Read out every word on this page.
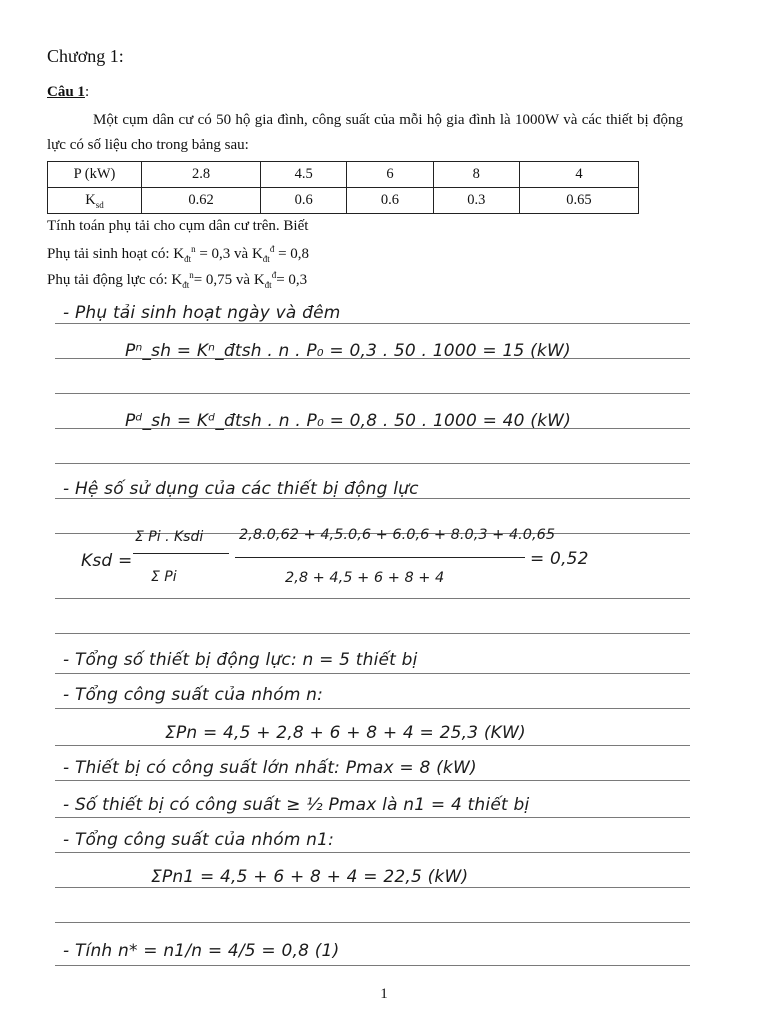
Chương 1:
Câu 1:
Một cụm dân cư có 50 hộ gia đình, công suất của mỗi hộ gia đình là 1000W và các thiết bị động lực có số liệu cho trong bảng sau:
P (kW)	2.8	4.5	6	8	4
$K_{sd}$	0.62	0.6	0.6	0.3	0.65
Tính toán phụ tải cho cụm dân cư trên. Biết
Phụ tải sinh hoạt có: $K_{đt}^n = 0,3$ và $K_{đt}^đ = 0,8$
Phụ tải động lực có: $K_{đt}^n= 0,75$ và $K_{đt}^đ= 0,3$
- Phụ tải sinh hoạt ngày và đêm
Pⁿ_sh = Kⁿ_đtsh . n . P₀ = 0,3 . 50 . 1000 = 15 (kW)
Pᵈ_sh = Kᵈ_đtsh . n . P₀ = 0,8 . 50 . 1000 = 40 (kW)
- Hệ số sử dụng của các thiết bị động lực
Ksd =
Σ Pi . Ksdi
Σ Pi
2,8.0,62 + 4,5.0,6 + 6.0,6 + 8.0,3 + 4.0,65
2,8 + 4,5 + 6 + 8 + 4
= 0,52
- Tổng số thiết bị động lực: n = 5 thiết bị
- Tổng công suất của nhóm n:
ΣPn = 4,5 + 2,8 + 6 + 8 + 4 = 25,3 (KW)
- Thiết bị có công suất lớn nhất: Pmax = 8 (kW)
- Số thiết bị có công suất ≥ ½ Pmax là n1 = 4 thiết bị
- Tổng công suất của nhóm n1:
ΣPn1 = 4,5 + 6 + 8 + 4 = 22,5 (kW)
- Tính n* = n1/n = 4/5 = 0,8 (1)
1
